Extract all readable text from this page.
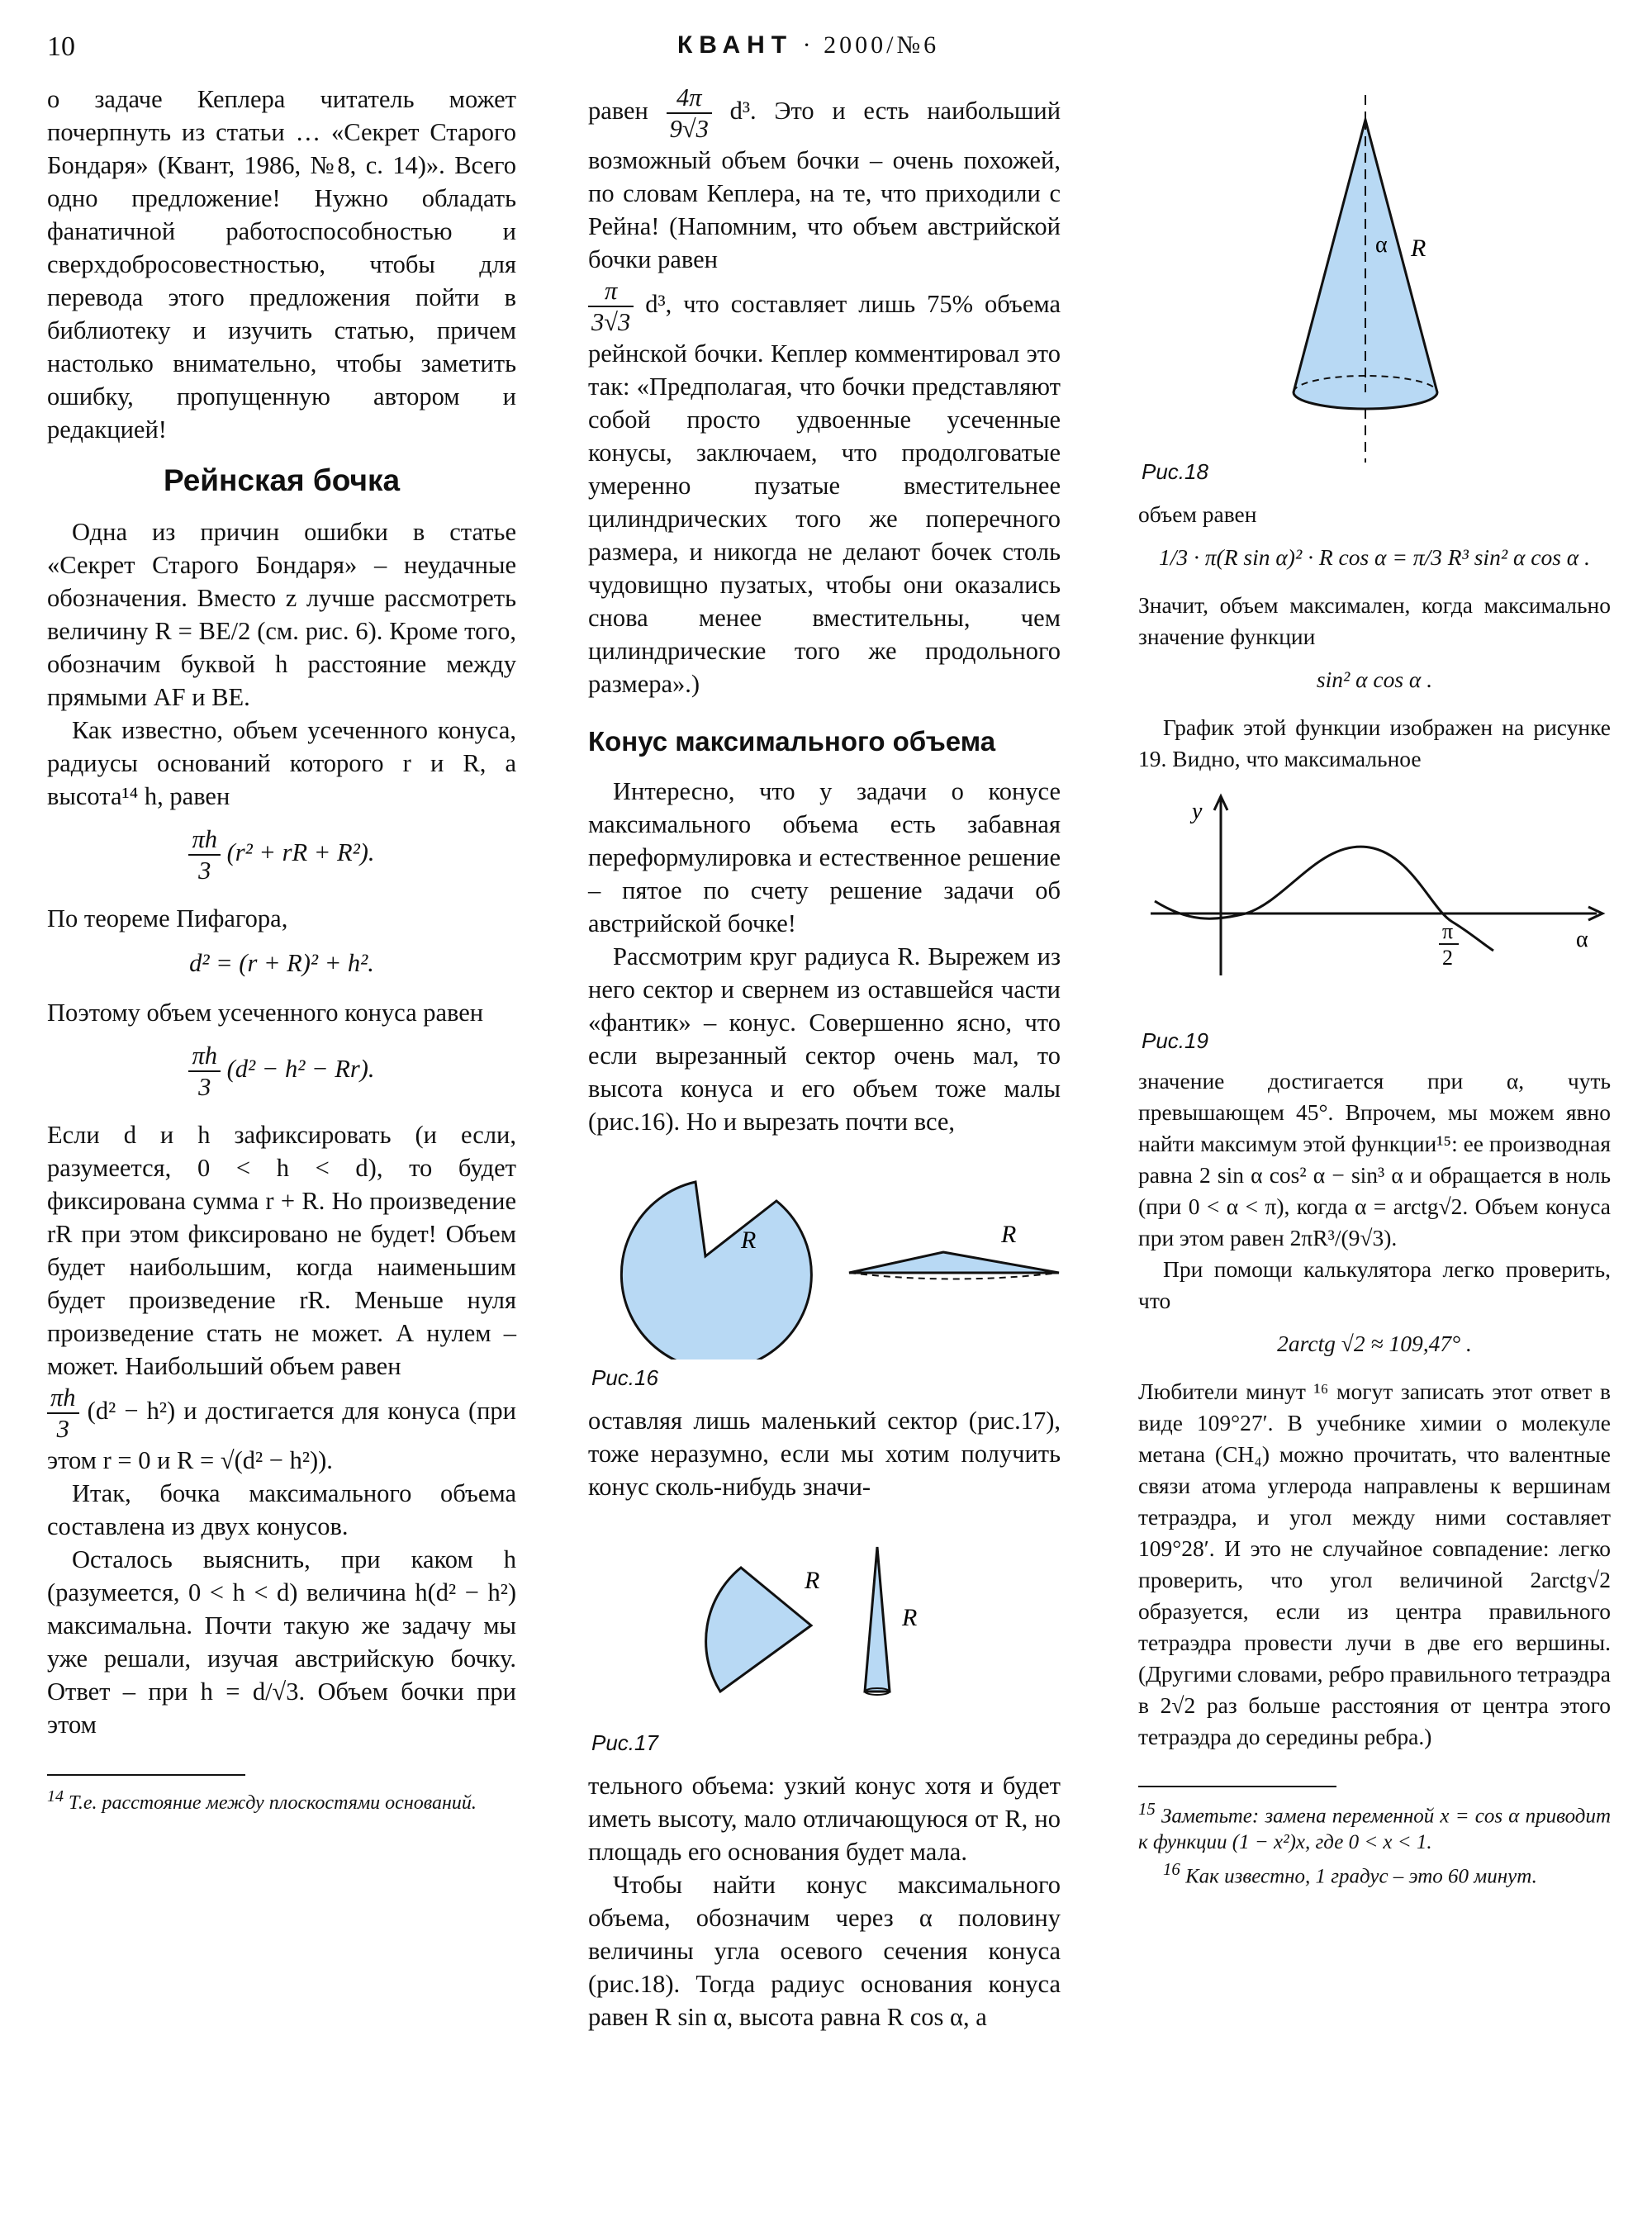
10	КВАНТ · 2000/№6

о задаче Кеплера читатель может почерпнуть из статьи … «Секрет Старого Бондаря» (Квант, 1986, №8, с. 14)». Всего одно предложение! Нужно обладать фанатичной работоспособностью и сверхдобросовестностью, чтобы для перевода этого предложения пойти в библиотеку и изучить статью, причем настолько внимательно, чтобы заметить ошибку, пропущенную автором и редакцией!

Рейнская бочка

Одна из причин ошибки в статье «Секрет Старого Бондаря» – неудачные обозначения. Вместо z лучше рассмотреть величину R = BE/2 (см. рис. 6). Кроме того, обозначим буквой h расстояние между прямыми AF и BE.

Как известно, объем усеченного конуса, радиусы оснований которого r и R, а высота¹⁴ h, равен

$\frac{\pi h}{3} (r^2$ + rR + R²).

По теореме Пифагора,

d² = (r + R)² + h².

Поэтому объем усеченного конуса равен

$\frac{\pi h}{3} (d^2 - h^2 - Rr)$.

Если d и h зафиксировать (и если, разумеется, 0 < h < d), то будет фиксирована сумма r + R. Но произведение rR при этом фиксировано не будет! Объем будет наибольшим, когда наименьшим будет произведение rR. Меньше нуля произведение стать не может. А нулем – может. Наибольший объем равен

$\frac{\pi h}{3} (d^2 - h^2)$ и достигается для конуса (при этом r = 0 и R = √(d² − h²)).

Итак, бочка максимального объема составлена из двух конусов.

Осталось выяснить, при каком h (разумеется, 0 < h < d) величина h(d² − h²) максимальна. Почти такую же задачу мы уже решали, изучая австрийскую бочку. Ответ – при h = d/√3. Объем бочки при этом

$^{14}$ Т.е. расстояние между плоскостями оснований.

равен $\frac{4\pi}{9√3} d^3$. Это и есть наибольший возможный объем бочки – очень похожей, по словам Кеплера, на те, что приходили с Рейна! (Напомним, что объем австрийской бочки равен

$\frac{\pi}{3√3} d^3$, что составляет лишь 75% объема рейнской бочки. Кеплер комментировал это так: «Предполагая, что бочки представляют собой просто удвоенные усеченные конусы, заключаем, что продолговатые умеренно пузатые вместительнее цилиндрических того же поперечного размера, и никогда не делают бочек столь чудовищно пузатых, чтобы они оказались снова менее вместительны, чем цилиндрические того же продольного размера».)

Конус максимального объема

Интересно, что у задачи о конусе максимального объема есть забавная переформулировка и естественное решение – пятое по счету решение задачи об австрийской бочке!

Рассмотрим круг радиуса R. Вырежем из него сектор и свернем из оставшейся части «фантик» – конус. Совершенно ясно, что если вырезанный сектор очень мал, то высота конуса и его объем тоже малы (рис.16). Но и вырезать почти все,

R	R
Рис.16

оставляя лишь маленький сектор (рис.17), тоже неразумно, если мы хотим получить конус сколь-нибудь значи-

R
R
Рис.17

тельного объема: узкий конус хотя и будет иметь высоту, мало отличающуюся от R, но площадь его основания будет мала.

Чтобы найти конус максимального объема, обозначим через α половину величины угла осевого сечения конуса (рис.18). Тогда радиус основания конуса равен R sin α, высота равна R cos α, а

α R
Рис.18

объем равен

1/3 · π(R sin α)² · R cos α = π/3 R³ sin² α cos α .

Значит, объем максимален, когда максимально значение функции

sin² α cos α .

График этой функции изображен на рисунке 19. Видно, что максимальное

y
α
π
2
Рис.19

значение достигается при α, чуть превышающем 45°. Впрочем, мы можем явно найти максимум этой функции¹⁵: ее производная равна 2 sin α cos² α − sin³ α и обращается в ноль (при 0 < α < π), когда α = arctg√2. Объем конуса при этом равен 2πR³/(9√3).

При помощи калькулятора легко проверить, что

2arctg √2 ≈ 109,47° .

Любители минут ¹⁶ могут записать этот ответ в виде 109°27′. В учебнике химии о молекуле метана (CH₄) можно прочитать, что валентные связи атома углерода направлены к вершинам тетраэдра, и угол между ними составляет 109°28′. И это не случайное совпадение: легко проверить, что угол величиной 2arctg√2 образуется, если из центра правильного тетраэдра провести лучи в две его вершины. (Другими словами, ребро правильного тетраэдра в 2√2 раз больше расстояния от центра этого тетраэдра до середины ребра.)

$^{15}$ Заметьте: замена переменной x = cos α приводит к функции (1 − x²)x, где 0 < x < 1.

$^{16}$ Как известно, 1 градус – это 60 минут.
